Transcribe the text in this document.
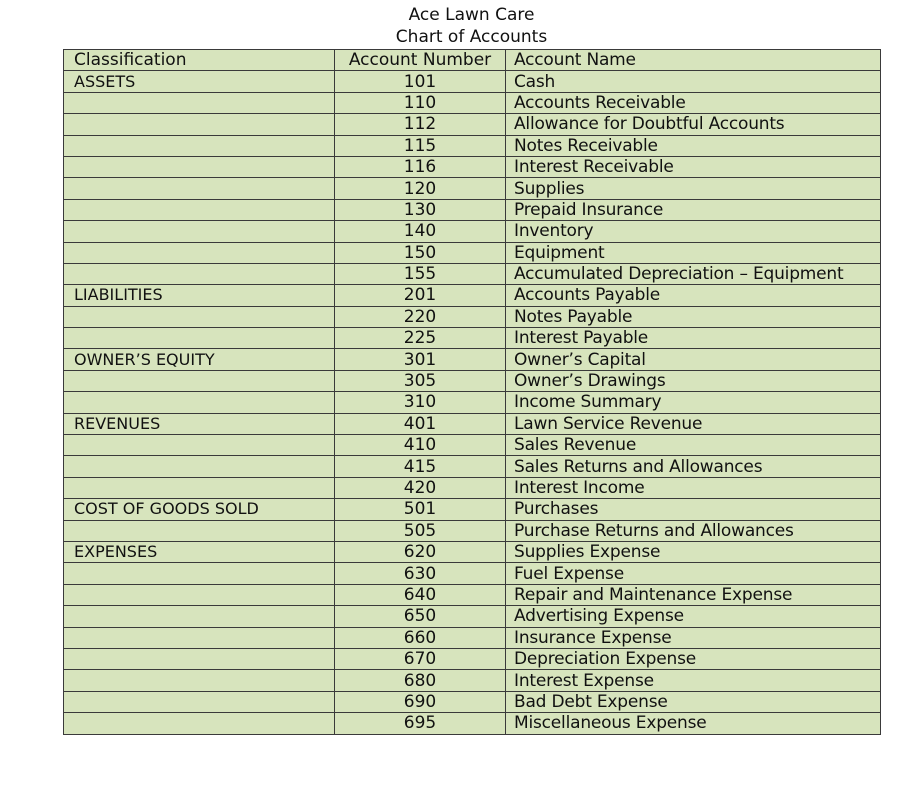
Ace Lawn Care
Chart of Accounts
Classification	Account Number	Account Name
ASSETS	101	Cash
	110	Accounts Receivable
	112	Allowance for Doubtful Accounts
	115	Notes Receivable
	116	Interest Receivable
	120	Supplies
	130	Prepaid Insurance
	140	Inventory
	150	Equipment
	155	Accumulated Depreciation – Equipment
LIABILITIES	201	Accounts Payable
	220	Notes Payable
	225	Interest Payable
OWNER’S EQUITY	301	Owner’s Capital
	305	Owner’s Drawings
	310	Income Summary
REVENUES	401	Lawn Service Revenue
	410	Sales Revenue
	415	Sales Returns and Allowances
	420	Interest Income
COST OF GOODS SOLD	501	Purchases
	505	Purchase Returns and Allowances
EXPENSES	620	Supplies Expense
	630	Fuel Expense
	640	Repair and Maintenance Expense
	650	Advertising Expense
	660	Insurance Expense
	670	Depreciation Expense
	680	Interest Expense
	690	Bad Debt Expense
	695	Miscellaneous Expense
